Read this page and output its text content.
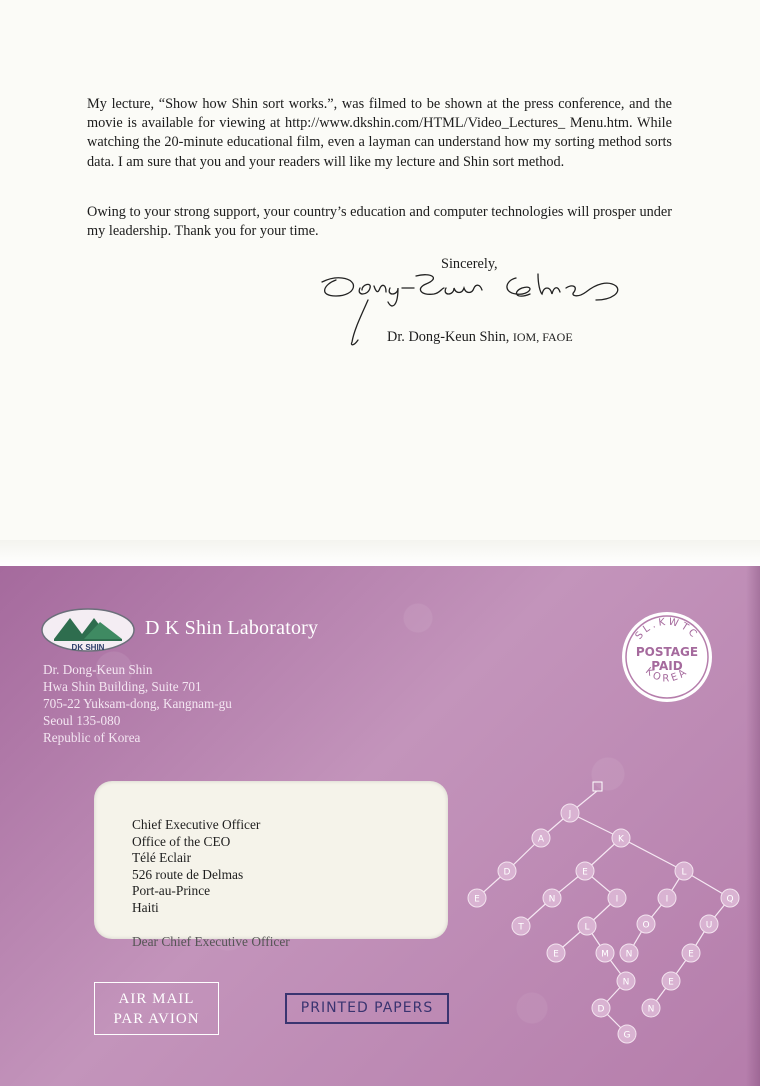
My lecture, “Show how Shin sort works.”, was filmed to be shown at the press conference, and the movie is available for viewing at http://www.dkshin.com/HTML/Video_Lectures_ Menu.htm. While watching the 20-minute educational film, even a layman can understand how my sorting method sorts data. I am sure that you and your readers will like my lecture and Shin sort method.

Owing to your strong support, your country’s education and computer technologies will prosper under my leadership. Thank you for your time.

Sincerely,
Dr. Dong-Keun Shin, IOM, FAOE
DK SHIN
D K Shin Laboratory
Dr. Dong-Keun Shin
Hwa Shin Building, Suite 701
705-22 Yuksam-dong, Kangnam-gu
Seoul 135-080
Republic of Korea
SL.KWTC
POSTAGE
PAID
KOREA
Chief Executive Officer
Office of the CEO
Télé Eclair
526 route de Delmas
Port-au-Prince
Haiti
Dear Chief Executive Officer
J
A	K
D	E	L
E	N	I	I	Q
T	L	O	U
E	M N	E
N	E
D	N
G
AIR MAIL
PAR AVION
PRINTED PAPERS
